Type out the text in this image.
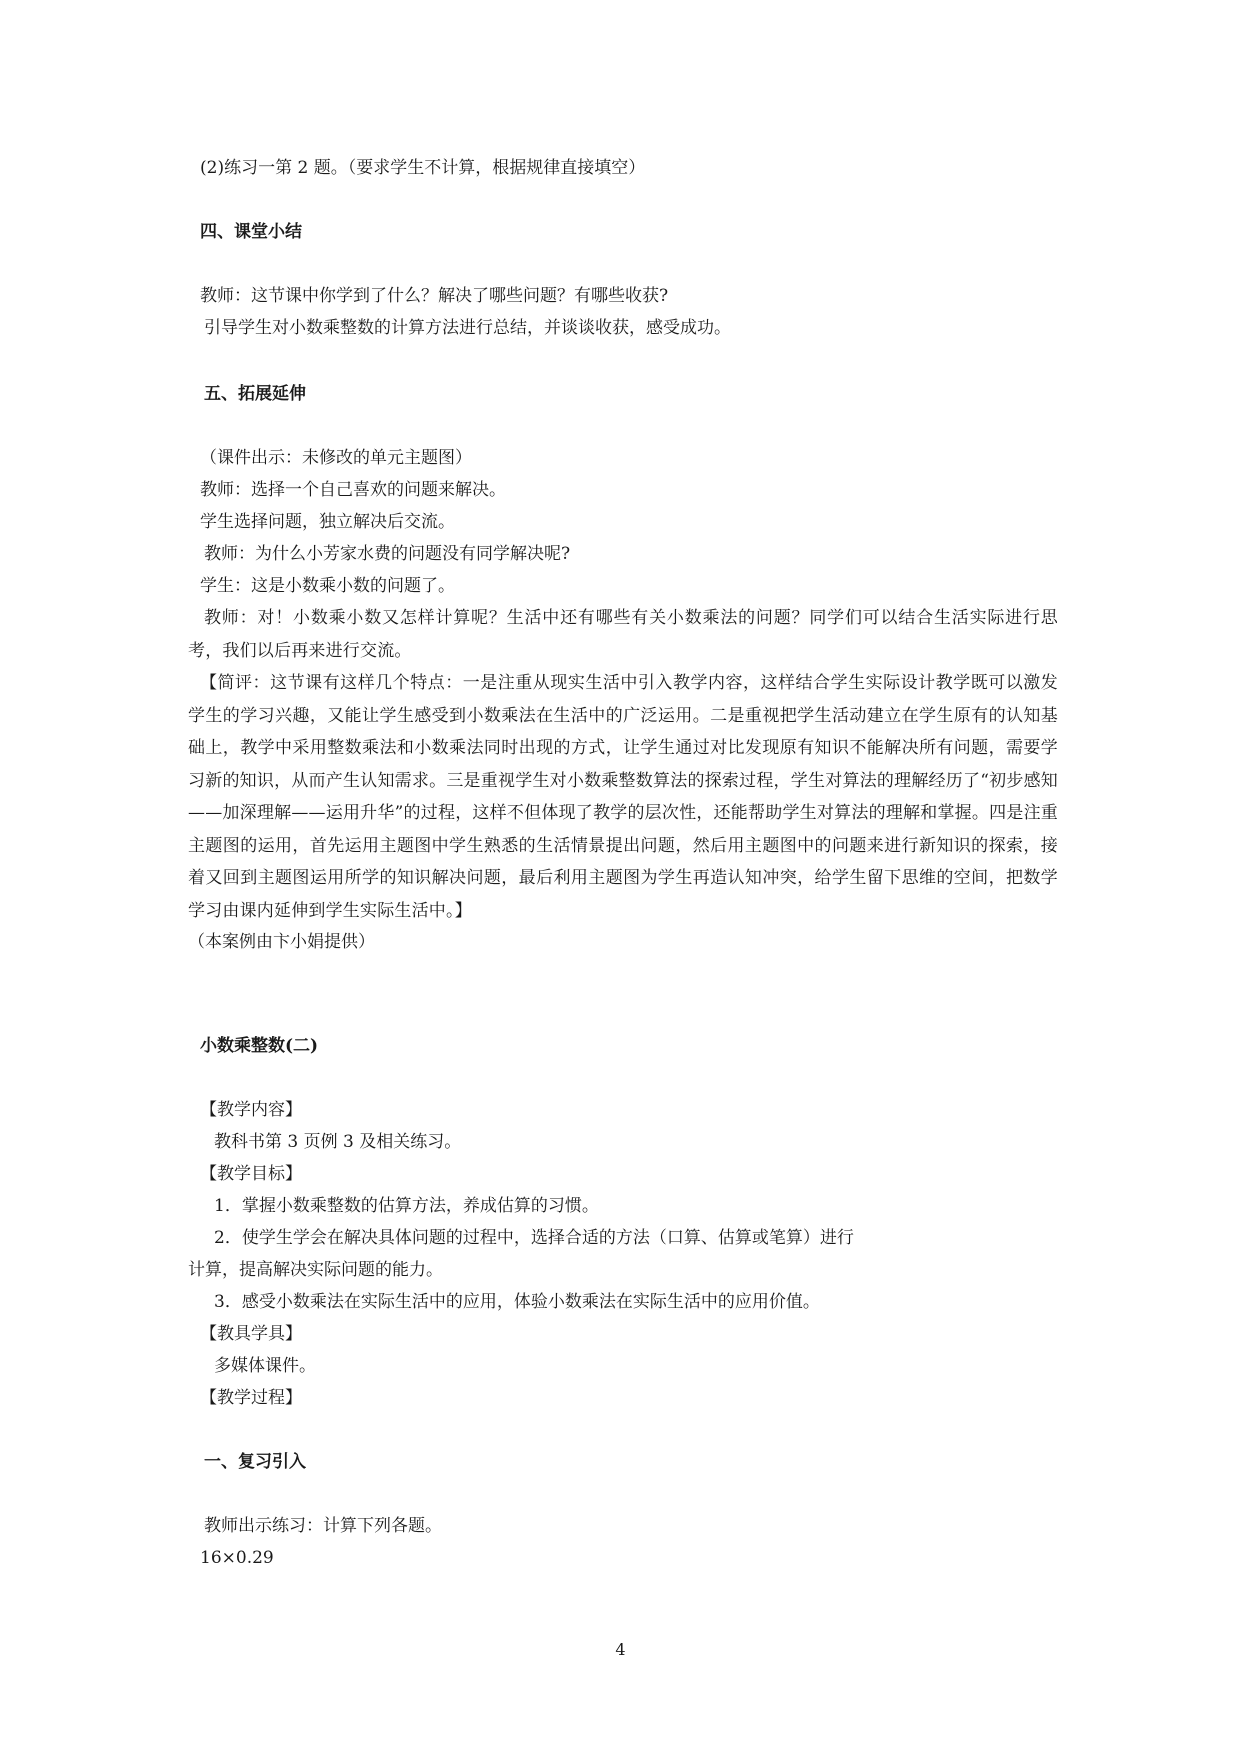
(2)练习一第 2 题。（要求学生不计算，根据规律直接填空）
四、课堂小结
教师：这节课中你学到了什么？解决了哪些问题？有哪些收获?
引导学生对小数乘整数的计算方法进行总结，并谈谈收获，感受成功。
五、拓展延伸
（课件出示：未修改的单元主题图）
教师：选择一个自己喜欢的问题来解决。
学生选择问题，独立解决后交流。
教师：为什么小芳家水费的问题没有同学解决呢?
学生：这是小数乘小数的问题了。
教师：对！小数乘小数又怎样计算呢？生活中还有哪些有关小数乘法的问题？同学们可以结合生活实际进行思考，我们以后再来进行交流。
【简评：这节课有这样几个特点：一是注重从现实生活中引入教学内容，这样结合学生实际设计教学既可以激发学生的学习兴趣，又能让学生感受到小数乘法在生活中的广泛运用。二是重视把学生活动建立在学生原有的认知基础上，教学中采用整数乘法和小数乘法同时出现的方式，让学生通过对比发现原有知识不能解决所有问题，需要学习新的知识，从而产生认知需求。三是重视学生对小数乘整数算法的探索过程，学生对算法的理解经历了“初步感知——加深理解——运用升华”的过程，这样不但体现了教学的层次性，还能帮助学生对算法的理解和掌握。四是注重主题图的运用，首先运用主题图中学生熟悉的生活情景提出问题，然后用主题图中的问题来进行新知识的探索，接着又回到主题图运用所学的知识解决问题，最后利用主题图为学生再造认知冲突，给学生留下思维的空间，把数学学习由课内延伸到学生实际生活中。】
（本案例由卞小娟提供）
小数乘整数(二)
【教学内容】
教科书第 3 页例 3 及相关练习。
【教学目标】
1．掌握小数乘整数的估算方法，养成估算的习惯。
2．使学生学会在解决具体问题的过程中，选择合适的方法（口算、估算或笔算）进行
计算，提高解决实际问题的能力。
3．感受小数乘法在实际生活中的应用，体验小数乘法在实际生活中的应用价值。
【教具学具】
多媒体课件。
【教学过程】
一、复习引入
教师出示练习：计算下列各题。
16×0.29
4
